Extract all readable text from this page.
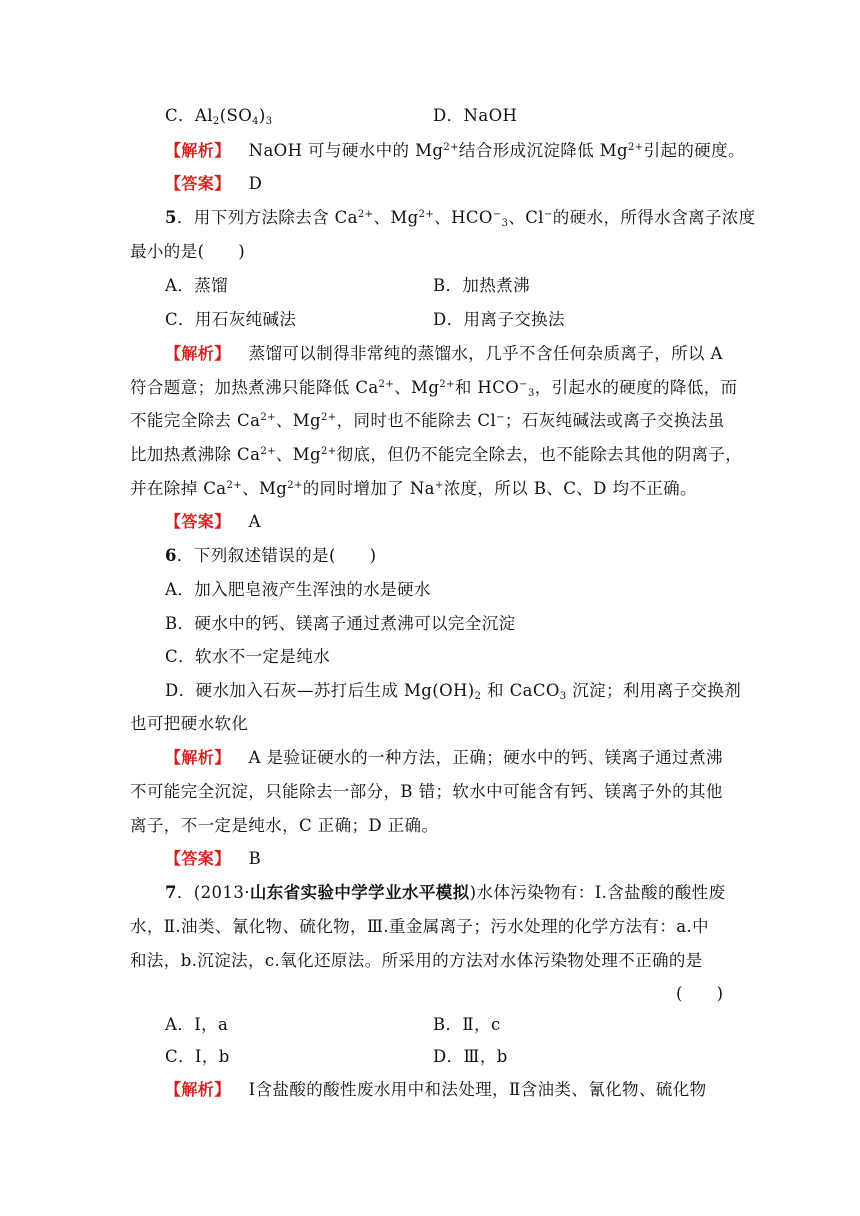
C．$Al_2(SO_4)_3$	D．NaOH
【解析】 NaOH 可与硬水中的 $Mg^{2+}$结合形成沉淀降低 $Mg^{2+}$引起的硬度。
【答案】 D
5．用下列方法除去含 $Ca^{2+}$、$Mg^{2+}$、$HCO^-_3$、Cl−的硬水，所得水含离子浓度
最小的是(　　)
A．蒸馏	B．加热煮沸
C．用石灰纯碱法	D．用离子交换法
【解析】 蒸馏可以制得非常纯的蒸馏水，几乎不含任何杂质离子，所以 A
符合题意；加热煮沸只能降低 $Ca^{2+}$、$Mg^{2+}$和 $HCO^-_3$，引起水的硬度的降低，而
不能完全除去 $Ca^{2+}$、$Mg^{2+}$，同时也不能除去 Cl−；石灰纯碱法或离子交换法虽
比加热煮沸除 $Ca^{2+}$、$Mg^{2+}$彻底，但仍不能完全除去，也不能除去其他的阴离子，
并在除掉 $Ca^{2+}$、$Mg^{2+}$的同时增加了 Na+浓度，所以 B、C、D 均不正确。
【答案】 A
6．下列叙述错误的是(　　)
A．加入肥皂液产生浑浊的水是硬水
B．硬水中的钙、镁离子通过煮沸可以完全沉淀
C．软水不一定是纯水
D．硬水加入石灰—苏打后生成 $Mg(OH)_2$ 和 CaCO$_3$ 沉淀；利用离子交换剂
也可把硬水软化
【解析】 A 是验证硬水的一种方法，正确；硬水中的钙、镁离子通过煮沸
不可能完全沉淀，只能除去一部分，B 错；软水中可能含有钙、镁离子外的其他
离子，不一定是纯水，C 正确；D 正确。
【答案】 B
7．(2013·山东省实验中学学业水平模拟)水体污染物有：Ⅰ.含盐酸的酸性废
水，Ⅱ.油类、氰化物、硫化物，Ⅲ.重金属离子；污水处理的化学方法有：a.中
和法，b.沉淀法，c.氧化还原法。所采用的方法对水体污染物处理不正确的是
(　　)
A．Ⅰ，a	B．Ⅱ，c
C．Ⅰ，b	D．Ⅲ，b
【解析】 Ⅰ含盐酸的酸性废水用中和法处理，Ⅱ含油类、氰化物、硫化物
